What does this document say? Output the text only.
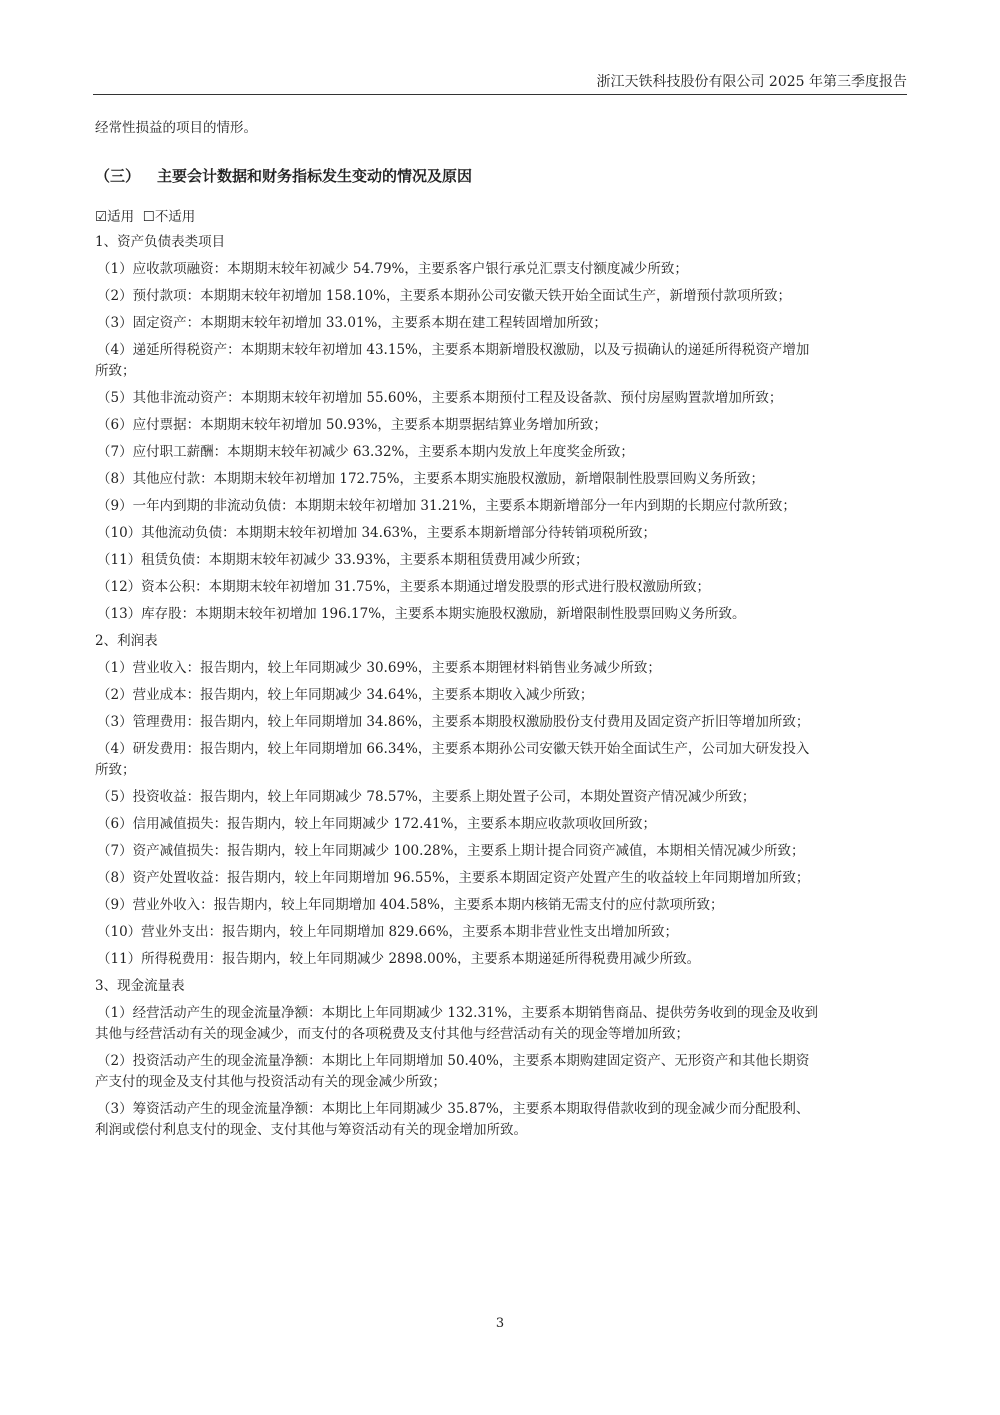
浙江天铁科技股份有限公司 2025 年第三季度报告

经常性损益的项目的情形。

（三） 主要会计数据和财务指标发生变动的情况及原因
☑适用 ☐不适用
1、资产负债表类项目
（1）应收款项融资：本期期末较年初减少 54.79%，主要系客户银行承兑汇票支付额度减少所致；
（2）预付款项：本期期末较年初增加 158.10%，主要系本期孙公司安徽天铁开始全面试生产，新增预付款项所致；
（3）固定资产：本期期末较年初增加 33.01%，主要系本期在建工程转固增加所致；
（4）递延所得税资产：本期期末较年初增加 43.15%，主要系本期新增股权激励，以及亏损确认的递延所得税资产增加
所致；
（5）其他非流动资产：本期期末较年初增加 55.60%，主要系本期预付工程及设备款、预付房屋购置款增加所致；
（6）应付票据：本期期末较年初增加 50.93%，主要系本期票据结算业务增加所致；
（7）应付职工薪酬：本期期末较年初减少 63.32%，主要系本期内发放上年度奖金所致；
（8）其他应付款：本期期末较年初增加 172.75%，主要系本期实施股权激励，新增限制性股票回购义务所致；
（9）一年内到期的非流动负债：本期期末较年初增加 31.21%，主要系本期新增部分一年内到期的长期应付款所致；
（10）其他流动负债：本期期末较年初增加 34.63%，主要系本期新增部分待转销项税所致；
（11）租赁负债：本期期末较年初减少 33.93%，主要系本期租赁费用减少所致；
（12）资本公积：本期期末较年初增加 31.75%，主要系本期通过增发股票的形式进行股权激励所致；
（13）库存股：本期期末较年初增加 196.17%，主要系本期实施股权激励，新增限制性股票回购义务所致。
2、利润表
（1）营业收入：报告期内，较上年同期减少 30.69%，主要系本期锂材料销售业务减少所致；
（2）营业成本：报告期内，较上年同期减少 34.64%，主要系本期收入减少所致；
（3）管理费用：报告期内，较上年同期增加 34.86%，主要系本期股权激励股份支付费用及固定资产折旧等增加所致；
（4）研发费用：报告期内，较上年同期增加 66.34%，主要系本期孙公司安徽天铁开始全面试生产，公司加大研发投入
所致；
（5）投资收益：报告期内，较上年同期减少 78.57%，主要系上期处置子公司，本期处置资产情况减少所致；
（6）信用减值损失：报告期内，较上年同期减少 172.41%，主要系本期应收款项收回所致；
（7）资产减值损失：报告期内，较上年同期减少 100.28%，主要系上期计提合同资产减值，本期相关情况减少所致；
（8）资产处置收益：报告期内，较上年同期增加 96.55%，主要系本期固定资产处置产生的收益较上年同期增加所致；
（9）营业外收入：报告期内，较上年同期增加 404.58%，主要系本期内核销无需支付的应付款项所致；
（10）营业外支出：报告期内，较上年同期增加 829.66%，主要系本期非营业性支出增加所致；
（11）所得税费用：报告期内，较上年同期减少 2898.00%，主要系本期递延所得税费用减少所致。
3、现金流量表
（1）经营活动产生的现金流量净额：本期比上年同期减少 132.31%，主要系本期销售商品、提供劳务收到的现金及收到
其他与经营活动有关的现金减少，而支付的各项税费及支付其他与经营活动有关的现金等增加所致；
（2）投资活动产生的现金流量净额：本期比上年同期增加 50.40%，主要系本期购建固定资产、无形资产和其他长期资
产支付的现金及支付其他与投资活动有关的现金减少所致；
（3）筹资活动产生的现金流量净额：本期比上年同期减少 35.87%，主要系本期取得借款收到的现金减少而分配股利、
利润或偿付利息支付的现金、支付其他与筹资活动有关的现金增加所致。
3
